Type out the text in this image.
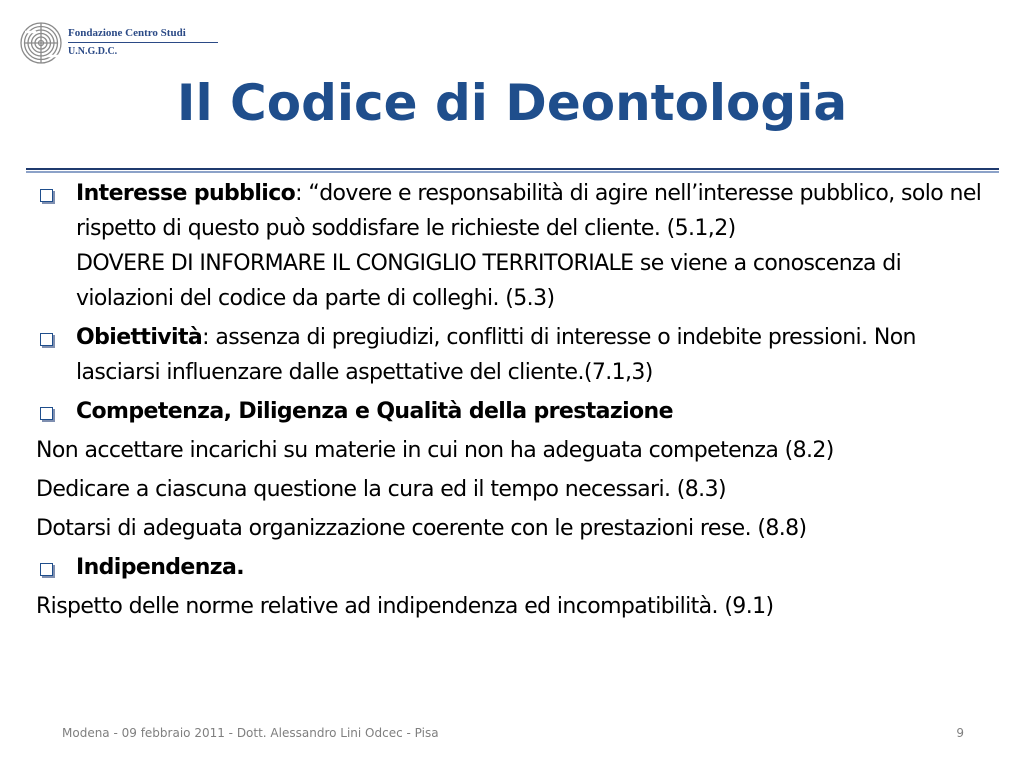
Fondazione Centro Studi
U.N.G.D.C.
Il Codice di Deontologia
Interesse pubblico: “dovere e responsabilità di agire nell’interesse pubblico, solo nel rispetto di questo può soddisfare le richieste del cliente. (5.1,2)
DOVERE DI INFORMARE IL CONGIGLIO TERRITORIALE se viene a conoscenza di violazioni del codice da parte di colleghi. (5.3)
Obiettività: assenza di pregiudizi, conflitti di interesse o indebite pressioni. Non lasciarsi influenzare dalle aspettative del cliente.(7.1,3)
Competenza, Diligenza e Qualità della prestazione
Non accettare incarichi su materie in cui non ha adeguata competenza (8.2)
Dedicare a ciascuna questione la cura ed il tempo necessari. (8.3)
Dotarsi di adeguata organizzazione coerente con le prestazioni rese. (8.8)
Indipendenza.
Rispetto delle norme relative ad indipendenza ed incompatibilità. (9.1)
Modena - 09 febbraio 2011 - Dott. Alessandro Lini Odcec - Pisa	9
